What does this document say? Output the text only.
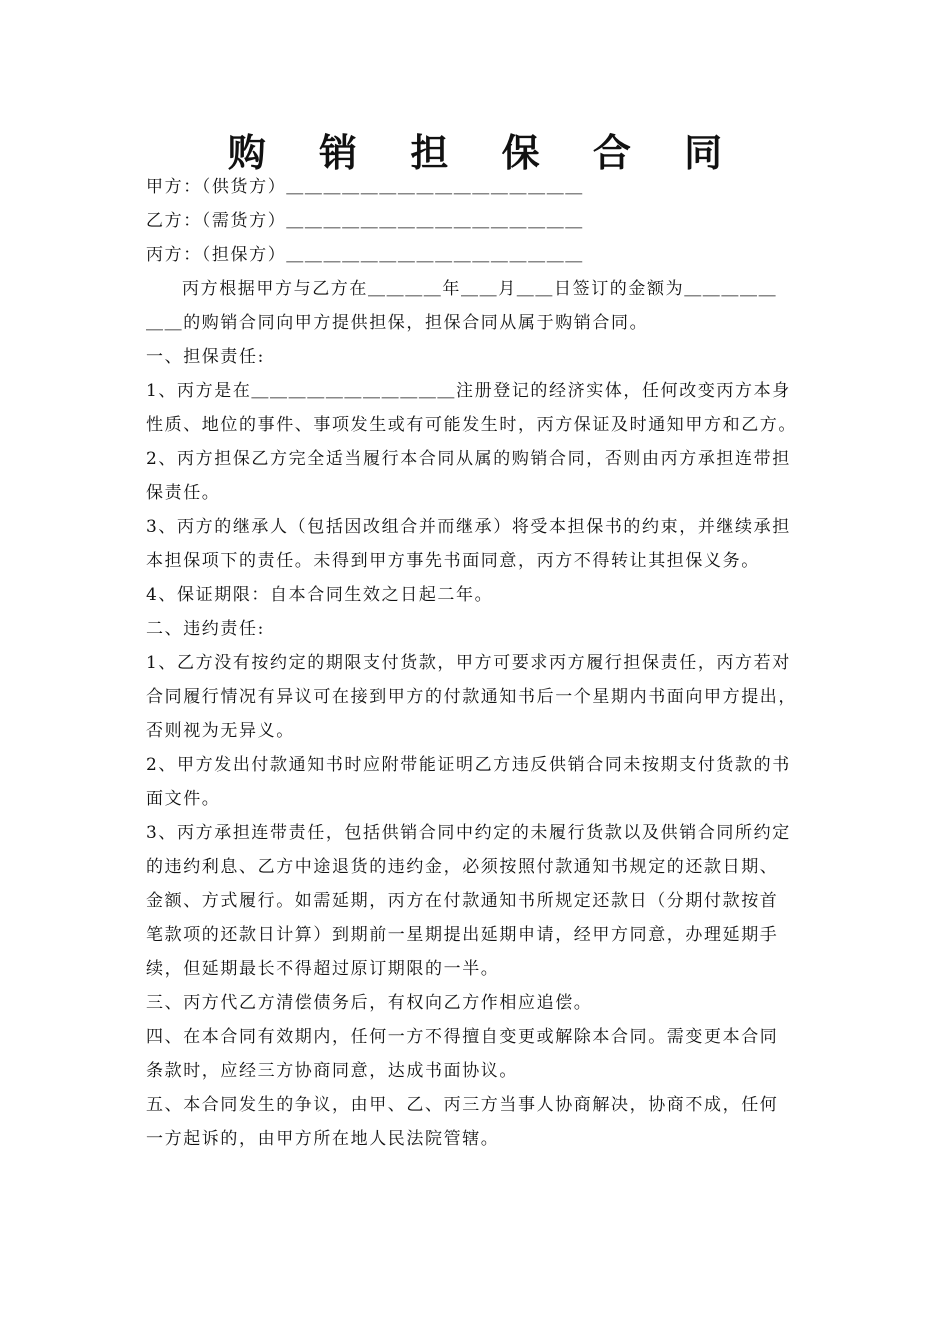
购 销 担 保 合 同
甲方：（供货方）＿＿＿＿＿＿＿＿＿＿＿＿＿＿＿＿
乙方：（需货方）＿＿＿＿＿＿＿＿＿＿＿＿＿＿＿＿
丙方：（担保方）＿＿＿＿＿＿＿＿＿＿＿＿＿＿＿＿
丙方根据甲方与乙方在＿＿＿＿年＿＿月＿＿日签订的金额为＿＿＿＿＿
＿＿的购销合同向甲方提供担保，担保合同从属于购销合同。
一、担保责任:
1、丙方是在＿＿＿＿＿＿＿＿＿＿＿注册登记的经济实体，任何改变丙方本身
性质、地位的事件、事项发生或有可能发生时，丙方保证及时通知甲方和乙方。
2、丙方担保乙方完全适当履行本合同从属的购销合同，否则由丙方承担连带担
保责任。
3、丙方的继承人（包括因改组合并而继承）将受本担保书的约束，并继续承担
本担保项下的责任。未得到甲方事先书面同意，丙方不得转让其担保义务。
4、保证期限：自本合同生效之日起二年。
二、违约责任:
1、乙方没有按约定的期限支付货款，甲方可要求丙方履行担保责任，丙方若对
合同履行情况有异议可在接到甲方的付款通知书后一个星期内书面向甲方提出，
否则视为无异义。
2、甲方发出付款通知书时应附带能证明乙方违反供销合同未按期支付货款的书
面文件。
3、丙方承担连带责任，包括供销合同中约定的未履行货款以及供销合同所约定
的违约利息、乙方中途退货的违约金，必须按照付款通知书规定的还款日期、
金额、方式履行。如需延期，丙方在付款通知书所规定还款日（分期付款按首
笔款项的还款日计算）到期前一星期提出延期申请，经甲方同意，办理延期手
续，但延期最长不得超过原订期限的一半。
三、丙方代乙方清偿债务后，有权向乙方作相应追偿。
四、在本合同有效期内，任何一方不得擅自变更或解除本合同。需变更本合同
条款时，应经三方协商同意，达成书面协议。
五、本合同发生的争议，由甲、乙、丙三方当事人协商解决，协商不成，任何
一方起诉的，由甲方所在地人民法院管辖。
